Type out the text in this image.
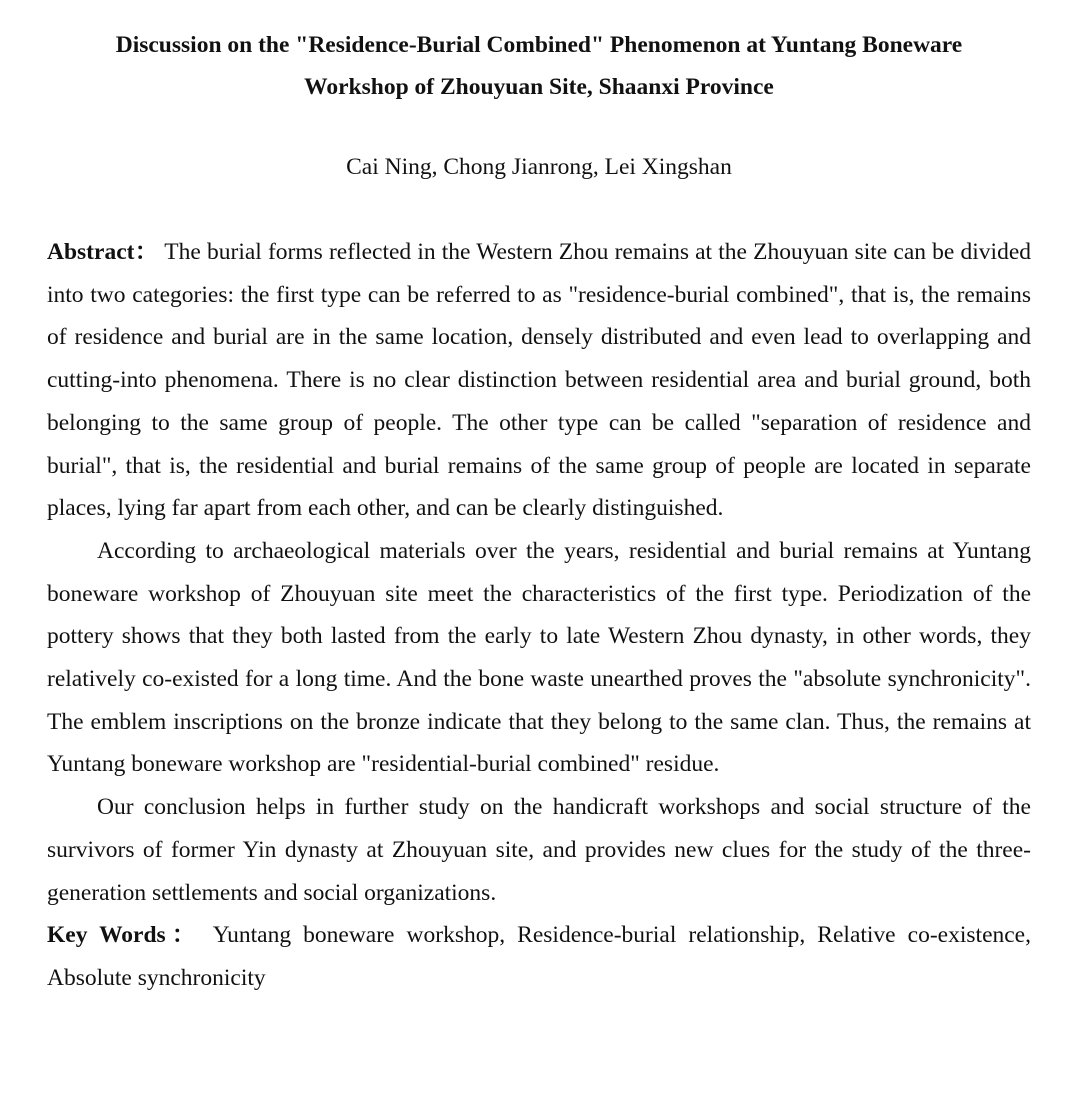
Discussion on the "Residence-Burial Combined" Phenomenon at Yuntang Boneware
Workshop of Zhouyuan Site, Shaanxi Province
Cai Ning, Chong Jianrong, Lei Xingshan

Abstract： The burial forms reflected in the Western Zhou remains at the Zhouyuan site can be divided into two categories: the first type can be referred to as "residence-burial combined", that is, the remains of residence and burial are in the same location, densely distributed and even lead to overlapping and cutting-into phenomena. There is no clear distinction between residential area and burial ground, both belonging to the same group of people. The other type can be called "separation of residence and burial", that is, the residential and burial remains of the same group of people are located in separate places, lying far apart from each other, and can be clearly distinguished.

According to archaeological materials over the years, residential and burial remains at Yuntang boneware workshop of Zhouyuan site meet the characteristics of the first type. Periodization of the pottery shows that they both lasted from the early to late Western Zhou dynasty, in other words, they relatively co-existed for a long time. And the bone waste unearthed proves the "absolute synchronicity". The emblem inscriptions on the bronze indicate that they belong to the same clan. Thus, the remains at Yuntang boneware workshop are "residential-burial combined" residue.

Our conclusion helps in further study on the handicraft workshops and social structure of the survivors of former Yin dynasty at Zhouyuan site, and provides new clues for the study of the three-generation settlements and social organizations.

Key Words： Yuntang boneware workshop, Residence-burial relationship, Relative co-existence, Absolute synchronicity
